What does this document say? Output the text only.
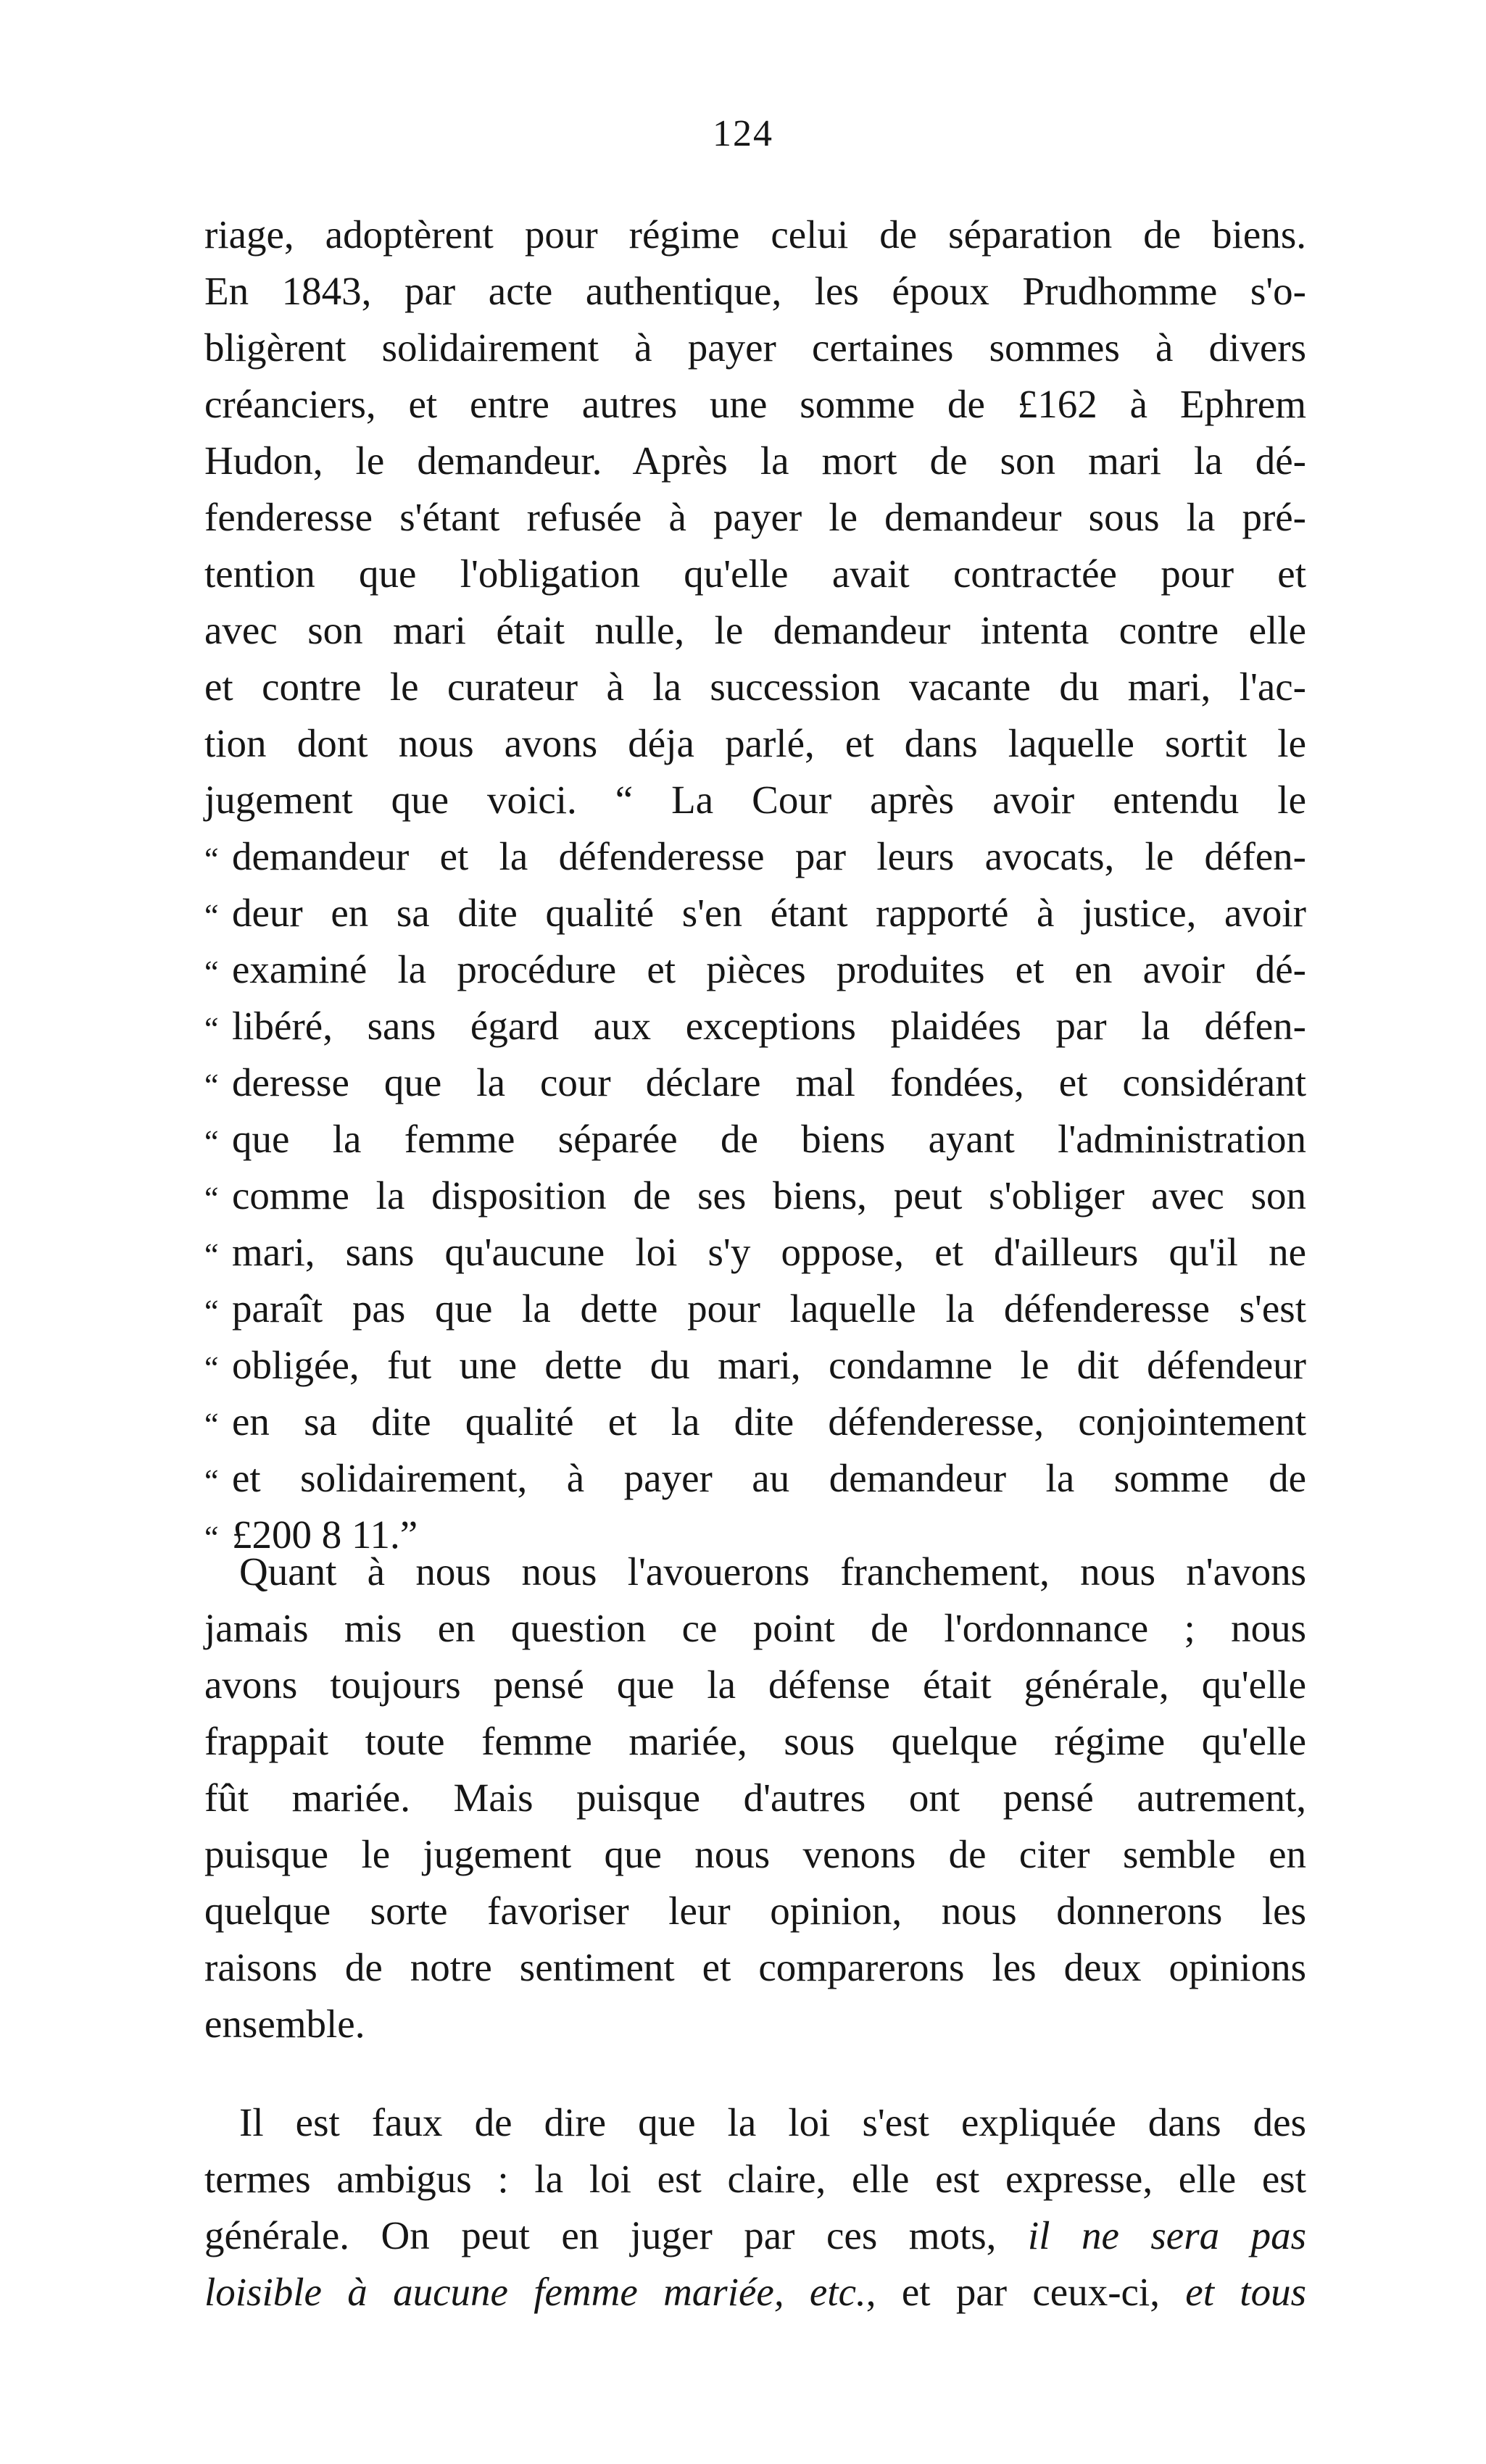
124
riage, adoptèrent pour régime celui de séparation de biens.
En 1843, par acte authentique, les époux Prudhomme s'o-
bligèrent solidairement à payer certaines sommes à divers
créanciers, et entre autres une somme de £162 à Ephrem
Hudon, le demandeur. Après la mort de son mari la dé-
fenderesse s'étant refusée à payer le demandeur sous la pré-
tention que l'obligation qu'elle avait contractée pour et
avec son mari était nulle, le demandeur intenta contre elle
et contre le curateur à la succession vacante du mari, l'ac-
tion dont nous avons déja parlé, et dans laquelle sortit le
jugement que voici. “ La Cour après avoir entendu le
“ demandeur et la défenderesse par leurs avocats, le défen-
“ deur en sa dite qualité s'en étant rapporté à justice, avoir
“ examiné la procédure et pièces produites et en avoir dé-
“ libéré, sans égard aux exceptions plaidées par la défen-
“ deresse que la cour déclare mal fondées, et considérant
“ que la femme séparée de biens ayant l'administration
“ comme la disposition de ses biens, peut s'obliger avec son
“ mari, sans qu'aucune loi s'y oppose, et d'ailleurs qu'il ne
“ paraît pas que la dette pour laquelle la défenderesse s'est
“ obligée, fut une dette du mari, condamne le dit défendeur
“ en sa dite qualité et la dite défenderesse, conjointement
“ et solidairement, à payer au demandeur la somme de
“ £200 8 11.”
Quant à nous nous l'avouerons franchement, nous n'avons
jamais mis en question ce point de l'ordonnance ; nous
avons toujours pensé que la défense était générale, qu'elle
frappait toute femme mariée, sous quelque régime qu'elle
fût mariée. Mais puisque d'autres ont pensé autrement,
puisque le jugement que nous venons de citer semble en
quelque sorte favoriser leur opinion, nous donnerons les
raisons de notre sentiment et comparerons les deux opinions
ensemble.
Il est faux de dire que la loi s'est expliquée dans des
termes ambigus : la loi est claire, elle est expresse, elle est
générale. On peut en juger par ces mots, il ne sera pas
loisible à aucune femme mariée, etc., et par ceux-ci, et tous
